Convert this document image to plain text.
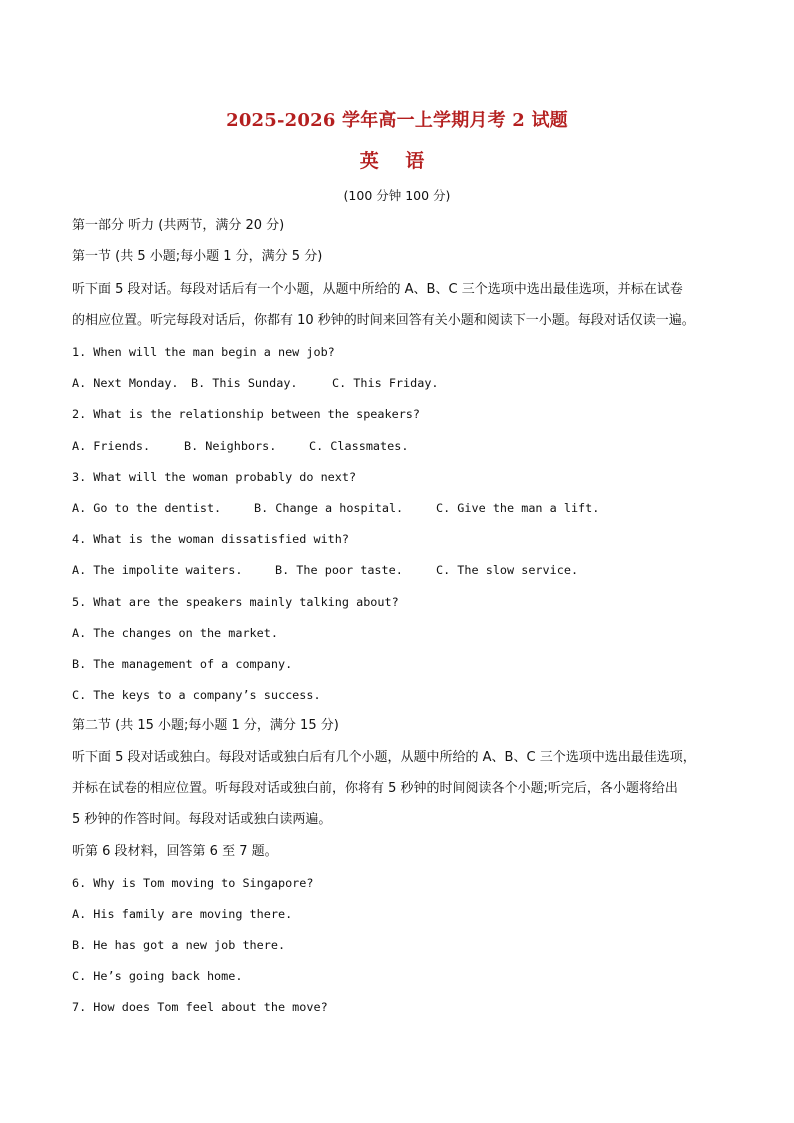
2025-2026 学年高一上学期月考 2 试题
英 语
(100 分钟 100 分)
第一部分 听力 (共两节，满分 20 分)
第一节 (共 5 小题;每小题 1 分，满分 5 分)
听下面 5 段对话。每段对话后有一个小题，从题中所给的 A、B、C 三个选项中选出最佳选项，并标在试卷
的相应位置。听完每段对话后，你都有 10 秒钟的时间来回答有关小题和阅读下一小题。每段对话仅读一遍。
1. When will the man begin a new job?
A. Next Monday. B. This Sunday.	C. This Friday.
2. What is the relationship between the speakers?
A. Friends.	B. Neighbors.	C. Classmates.
3. What will the woman probably do next?
A. Go to the dentist.	B. Change a hospital.	C. Give the man a lift.
4. What is the woman dissatisfied with?
A. The impolite waiters.	B. The poor taste.	C. The slow service.
5. What are the speakers mainly talking about?
A. The changes on the market.
B. The management of a company.
C. The keys to a company’s success.
第二节 (共 15 小题;每小题 1 分，满分 15 分)
听下面 5 段对话或独白。每段对话或独白后有几个小题，从题中所给的 A、B、C 三个选项中选出最佳选项，
并标在试卷的相应位置。听每段对话或独白前，你将有 5 秒钟的时间阅读各个小题;听完后，各小题将给出
5 秒钟的作答时间。每段对话或独白读两遍。
听第 6 段材料，回答第 6 至 7 题。
6. Why is Tom moving to Singapore?
A. His family are moving there.
B. He has got a new job there.
C. He’s going back home.
7. How does Tom feel about the move?
